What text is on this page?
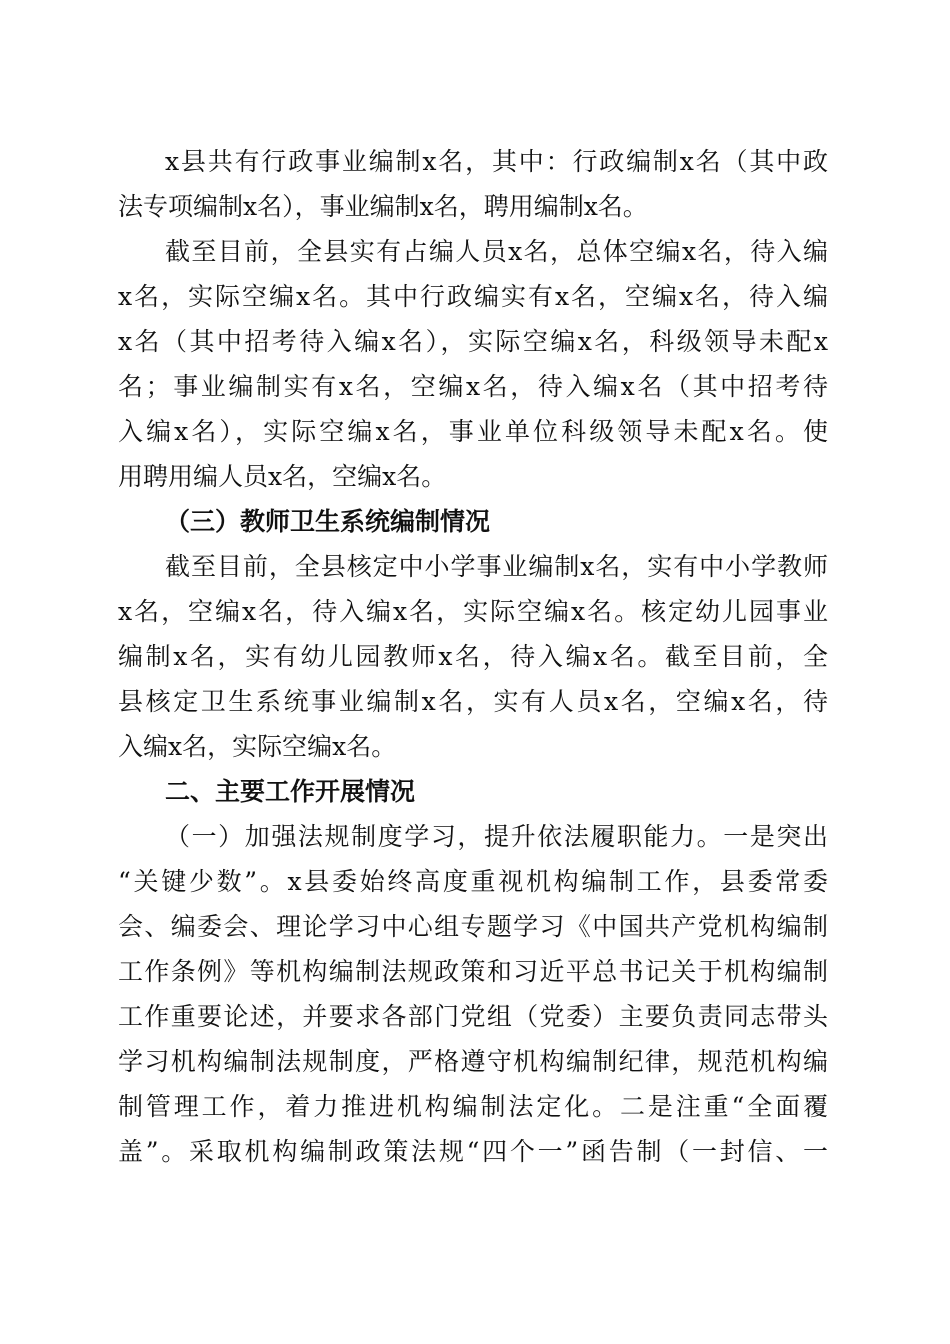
x县共有行政事业编制x名，其中：行政编制x名（其中政
法专项编制x名），事业编制x名，聘用编制x名。
截至目前，全县实有占编人员x名，总体空编x名，待入编
x名，实际空编x名。其中行政编实有x名，空编x名，待入编
x名（其中招考待入编x名），实际空编x名，科级领导未配x
名；事业编制实有x名，空编x名，待入编x名（其中招考待
入编x名），实际空编x名，事业单位科级领导未配x名。使
用聘用编人员x名，空编x名。
（三）教师卫生系统编制情况
截至目前，全县核定中小学事业编制x名，实有中小学教师
x名，空编x名，待入编x名，实际空编x名。核定幼儿园事业
编制x名，实有幼儿园教师x名，待入编x名。截至目前，全
县核定卫生系统事业编制x名，实有人员x名，空编x名，待
入编x名，实际空编x名。
二、主要工作开展情况
（一）加强法规制度学习，提升依法履职能力。一是突出
“关键少数”。x县委始终高度重视机构编制工作，县委常委
会、编委会、理论学习中心组专题学习《中国共产党机构编制
工作条例》等机构编制法规政策和习近平总书记关于机构编制
工作重要论述，并要求各部门党组（党委）主要负责同志带头
学习机构编制法规制度，严格遵守机构编制纪律，规范机构编
制管理工作，着力推进机构编制法定化。二是注重“全面覆
盖”。采取机构编制政策法规“四个一”函告制（一封信、一
